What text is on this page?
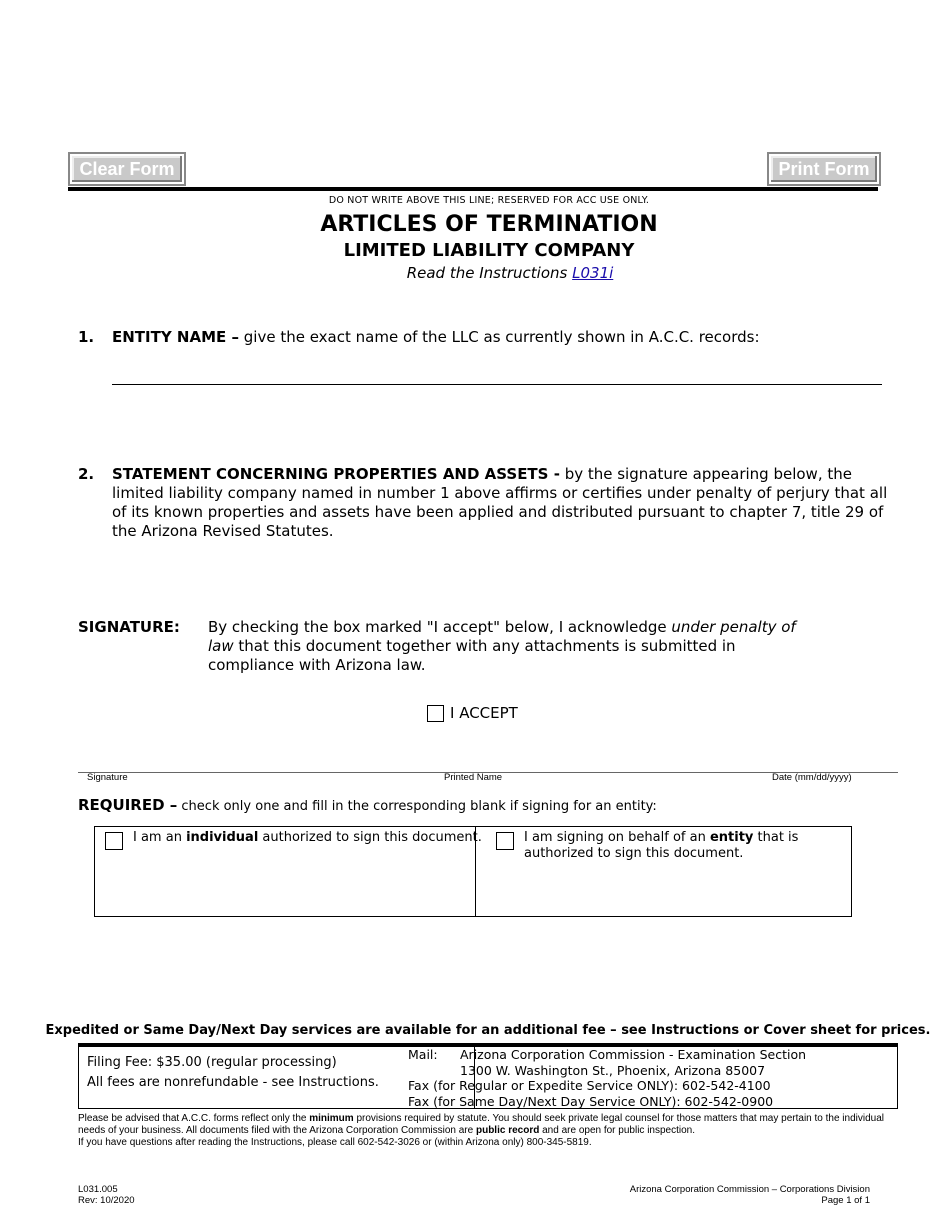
Clear Form	Print Form
DO NOT WRITE ABOVE THIS LINE; RESERVED FOR ACC USE ONLY.
ARTICLES OF TERMINATION
LIMITED LIABILITY COMPANY
Read the Instructions L031i
1. ENTITY NAME – give the exact name of the LLC as currently shown in A.C.C. records:
2. STATEMENT CONCERNING PROPERTIES AND ASSETS - by the signature appearing below, the limited liability company named in number 1 above affirms or certifies under penalty of perjury that all of its known properties and assets have been applied and distributed pursuant to chapter 7, title 29 of the Arizona Revised Statutes.
SIGNATURE: By checking the box marked "I accept" below, I acknowledge under penalty of law that this document together with any attachments is submitted in compliance with Arizona law.
I ACCEPT
Signature	Printed Name	Date (mm/dd/yyyy)
REQUIRED – check only one and fill in the corresponding blank if signing for an entity:
I am an individual authorized to sign this document.	I am signing on behalf of an entity that is authorized to sign this document.
Expedited or Same Day/Next Day services are available for an additional fee – see Instructions or Cover sheet for prices.
Filing Fee: $35.00 (regular processing)
All fees are nonrefundable - see Instructions.
Mail: Arizona Corporation Commission - Examination Section
1300 W. Washington St., Phoenix, Arizona 85007
Fax (for Regular or Expedite Service ONLY): 602-542-4100
Fax (for Same Day/Next Day Service ONLY): 602-542-0900
Please be advised that A.C.C. forms reflect only the minimum provisions required by statute. You should seek private legal counsel for those matters that may pertain to the individual needs of your business. All documents filed with the Arizona Corporation Commission are public record and are open for public inspection.
If you have questions after reading the Instructions, please call 602-542-3026 or (within Arizona only) 800-345-5819.
L031.005
Rev: 10/2020
Arizona Corporation Commission – Corporations Division
Page 1 of 1
